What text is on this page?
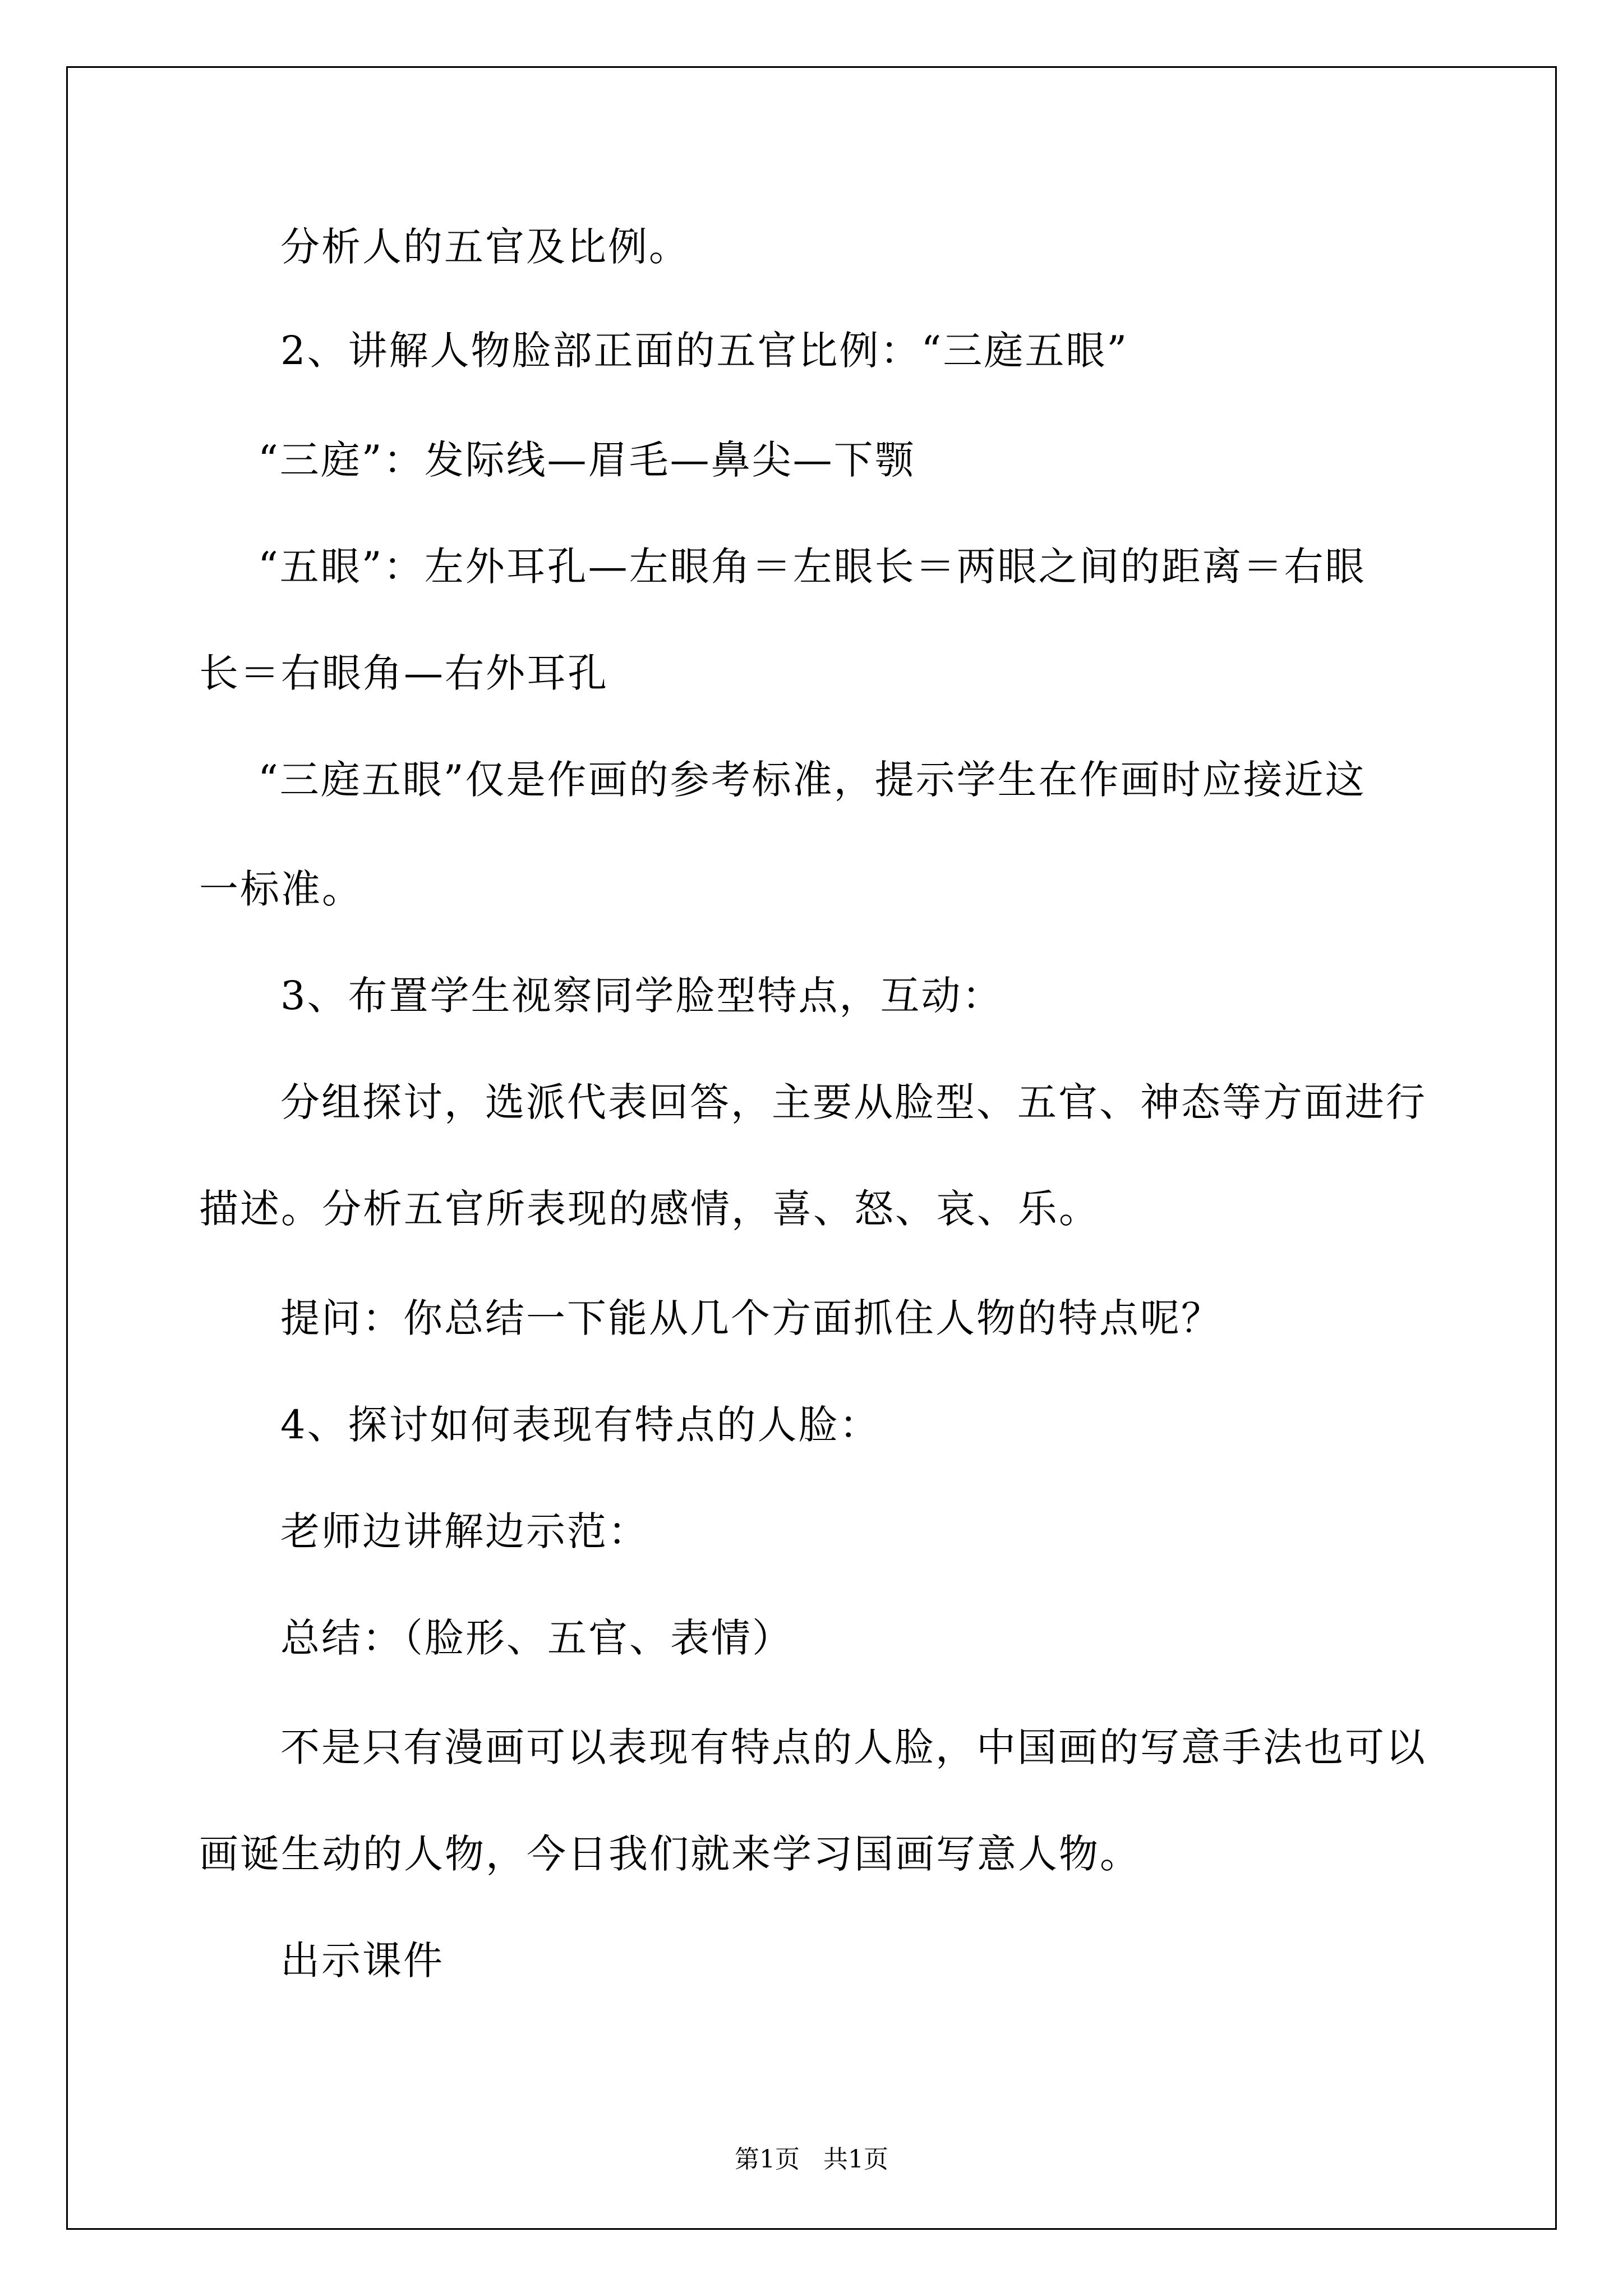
分析人的五官及比例。
2、讲解人物脸部正面的五官比例：“三庭五眼”
“三庭”：发际线—眉毛—鼻尖—下颚
“五眼”：左外耳孔—左眼角＝左眼长＝两眼之间的距离＝右眼
长＝右眼角—右外耳孔
“三庭五眼”仅是作画的参考标准，提示学生在作画时应接近这
一标准。
3、布置学生视察同学脸型特点，互动：
分组探讨，选派代表回答，主要从脸型、五官、神态等方面进行
描述。分析五官所表现的感情，喜、怒、哀、乐。
提问：你总结一下能从几个方面抓住人物的特点呢？
4、探讨如何表现有特点的人脸：
老师边讲解边示范：
总结：（脸形、五官、表情）
不是只有漫画可以表现有特点的人脸，中国画的写意手法也可以
画诞生动的人物，今日我们就来学习国画写意人物。
出示课件
第1页   共1页
